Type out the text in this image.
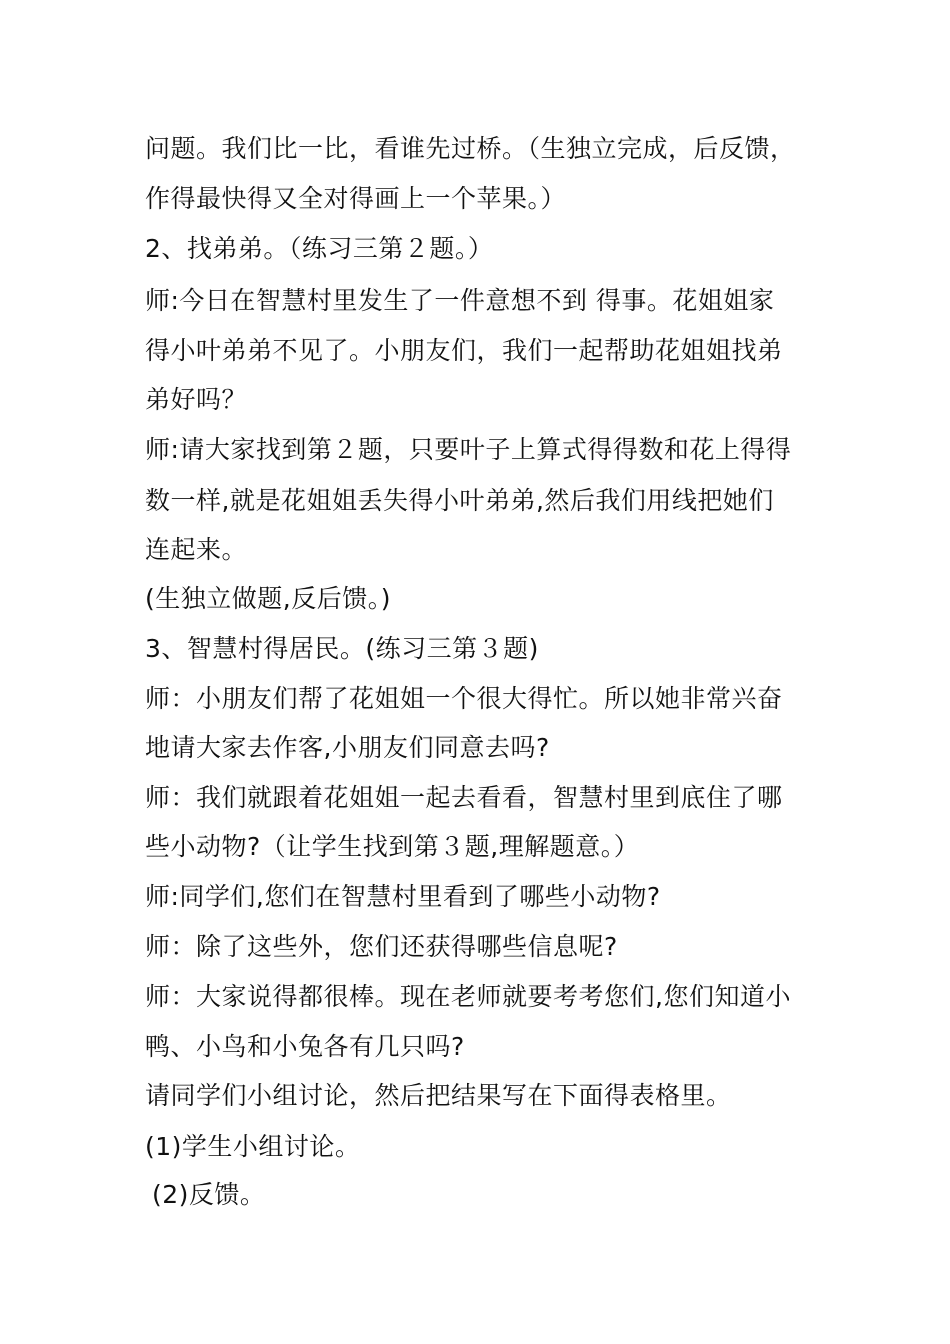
问题。我们比一比，看谁先过桥。（生独立完成，后反馈，
作得最快得又全对得画上一个苹果。）
2、找弟弟。（练习三第２题。）
师:今日在智慧村里发生了一件意想不到 得事。花姐姐家
得小叶弟弟不见了。小朋友们，我们一起帮助花姐姐找弟
弟好吗？
师:请大家找到第２题，只要叶子上算式得得数和花上得得
数一样,就是花姐姐丢失得小叶弟弟,然后我们用线把她们
连起来。
(生独立做题,反后馈。)
3、智慧村得居民。(练习三第３题)
师：小朋友们帮了花姐姐一个很大得忙。所以她非常兴奋
地请大家去作客,小朋友们同意去吗?
师：我们就跟着花姐姐一起去看看，智慧村里到底住了哪
些小动物?（让学生找到第３题,理解题意。）
师:同学们,您们在智慧村里看到了哪些小动物?
师：除了这些外，您们还获得哪些信息呢?
师：大家说得都很棒。现在老师就要考考您们,您们知道小
鸭、小鸟和小兔各有几只吗?
请同学们小组讨论，然后把结果写在下面得表格里。
(1)学生小组讨论。
(2)反馈。
